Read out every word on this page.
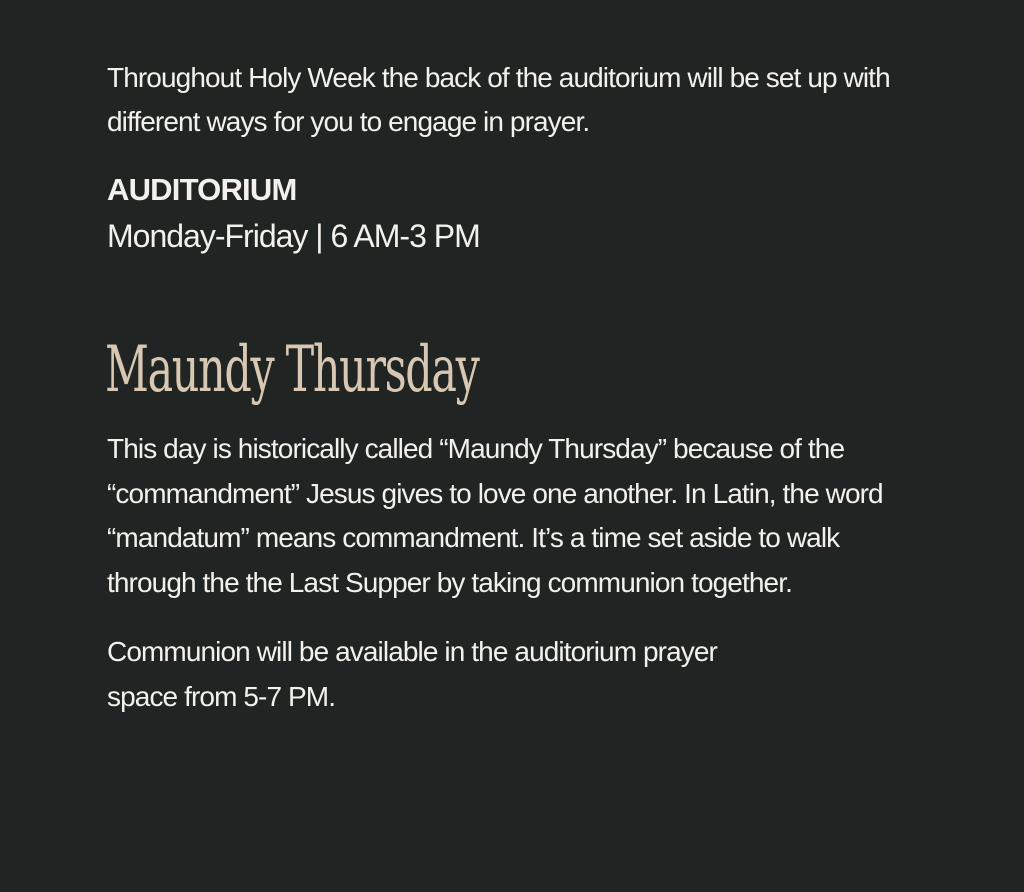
Throughout Holy Week the back of the auditorium will be set up with different ways for you to engage in prayer.

AUDITORIUM

Monday-Friday | 6 AM-3 PM

Maundy Thursday

This day is historically called “Maundy Thursday” because of the “commandment” Jesus gives to love one another. In Latin, the word “mandatum” means commandment. It’s a time set aside to walk through the the Last Supper by taking communion together.

Communion will be available in the auditorium prayer space from 5-7 PM.
